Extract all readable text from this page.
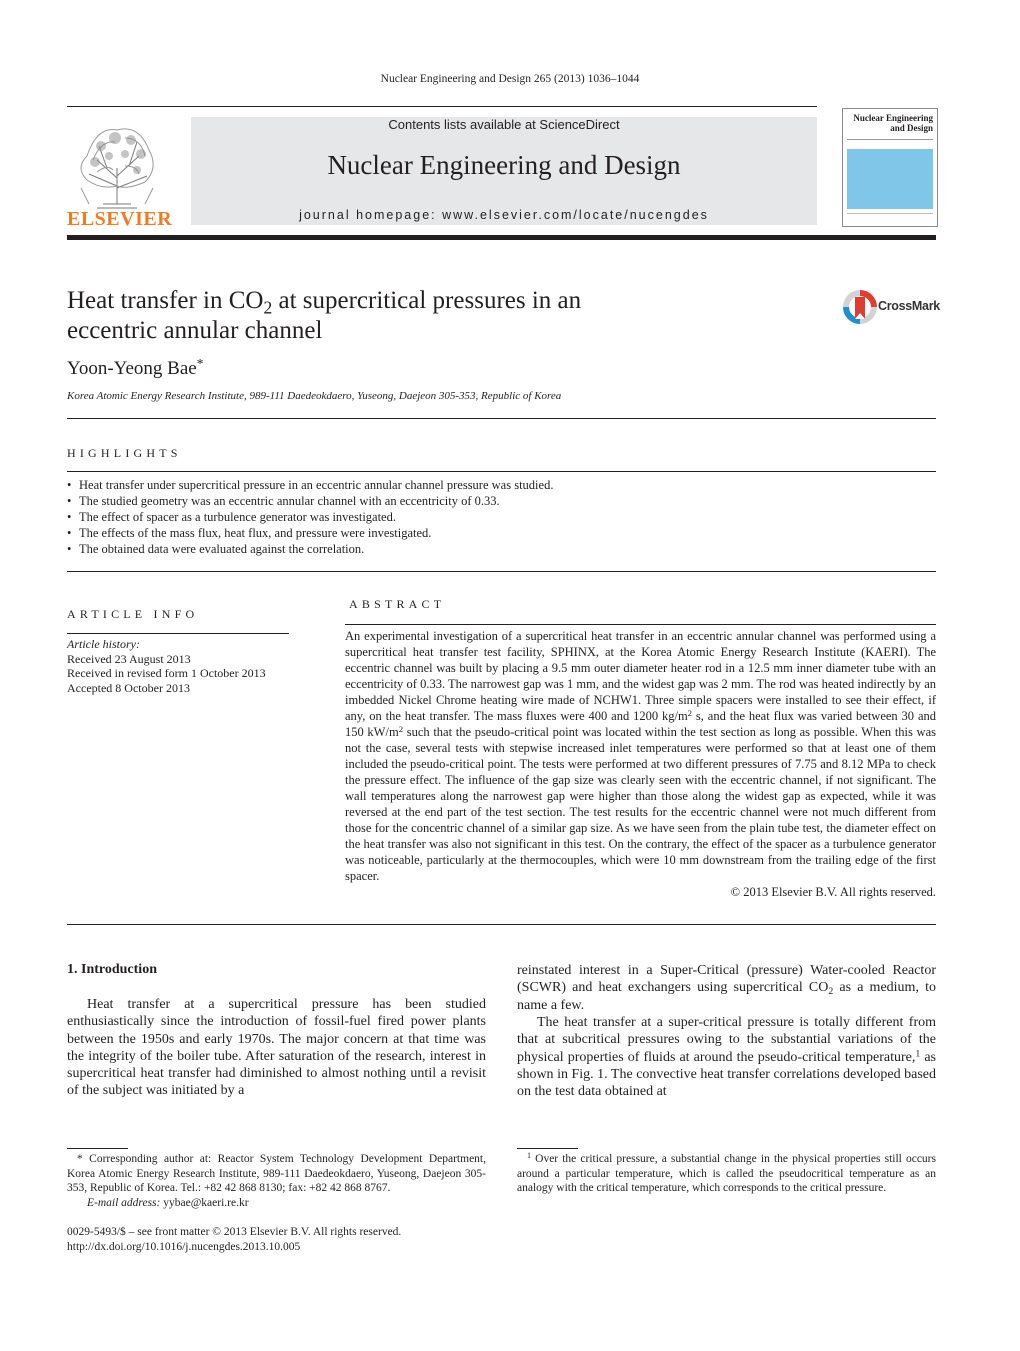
Nuclear Engineering and Design 265 (2013) 1036–1044
ELSEVIER
Contents lists available at ScienceDirect
Nuclear Engineering and Design
journal homepage: www.elsevier.com/locate/nucengdes
Nuclear Engineering and Design
Heat transfer in $CO_2$ at supercritical pressures in an eccentric annular channel
CrossMark
Yoon-Yeong Bae*
Korea Atomic Energy Research Institute, 989-111 Daedeokdaero, Yuseong, Daejeon 305-353, Republic of Korea
HIGHLIGHTS
• Heat transfer under supercritical pressure in an eccentric annular channel pressure was studied.
• The studied geometry was an eccentric annular channel with an eccentricity of 0.33.
• The effect of spacer as a turbulence generator was investigated.
• The effects of the mass flux, heat flux, and pressure were investigated.
• The obtained data were evaluated against the correlation.
ARTICLE INFO
Article history:
Received 23 August 2013
Received in revised form 1 October 2013
Accepted 8 October 2013
ABSTRACT
An experimental investigation of a supercritical heat transfer in an eccentric annular channel was performed using a supercritical heat transfer test facility, SPHINX, at the Korea Atomic Energy Research Institute (KAERI). The eccentric channel was built by placing a 9.5 mm outer diameter heater rod in a 12.5 mm inner diameter tube with an eccentricity of 0.33. The narrowest gap was 1 mm, and the widest gap was 2 mm. The rod was heated indirectly by an imbedded Nickel Chrome heating wire made of NCHW1. Three simple spacers were installed to see their effect, if any, on the heat transfer. The mass fluxes were 400 and 1200 $kg/m^2$ s, and the heat flux was varied between 30 and 150 $kW/m^2$ such that the pseudo-critical point was located within the test section as long as possible. When this was not the case, several tests with stepwise increased inlet temperatures were performed so that at least one of them included the pseudo-critical point. The tests were performed at two different pressures of 7.75 and 8.12 MPa to check the pressure effect. The influence of the gap size was clearly seen with the eccentric channel, if not significant. The wall temperatures along the narrowest gap were higher than those along the widest gap as expected, while it was reversed at the end part of the test section. The test results for the eccentric channel were not much different from those for the concentric channel of a similar gap size. As we have seen from the plain tube test, the diameter effect on the heat transfer was also not significant in this test. On the contrary, the effect of the spacer as a turbulence generator was noticeable, particularly at the thermocouples, which were 10 mm downstream from the trailing edge of the first spacer.
© 2013 Elsevier B.V. All rights reserved.
1. Introduction
Heat transfer at a supercritical pressure has been studied enthusiastically since the introduction of fossil-fuel fired power plants between the 1950s and early 1970s. The major concern at that time was the integrity of the boiler tube. After saturation of the research, interest in supercritical heat transfer had diminished to almost nothing until a revisit of the subject was initiated by a
reinstated interest in a Super-Critical (pressure) Water-cooled Reactor (SCWR) and heat exchangers using supercritical $CO_2$ as a medium, to name a few.
The heat transfer at a super-critical pressure is totally different from that at subcritical pressures owing to the substantial variations of the physical properties of fluids at around the pseudo-critical temperature,$^1$ as shown in Fig. 1. The convective heat transfer correlations developed based on the test data obtained at
* Corresponding author at: Reactor System Technology Development Department, Korea Atomic Energy Research Institute, 989-111 Daedeokdaero, Yuseong, Daejeon 305-353, Republic of Korea. Tel.: +82 42 868 8130; fax: +82 42 868 8767.
E-mail address: yybae@kaeri.re.kr
0029-5493/$ – see front matter © 2013 Elsevier B.V. All rights reserved.
http://dx.doi.org/10.1016/j.nucengdes.2013.10.005
$^1$ Over the critical pressure, a substantial change in the physical properties still occurs around a particular temperature, which is called the pseudocritical temperature as an analogy with the critical temperature, which corresponds to the critical pressure.
